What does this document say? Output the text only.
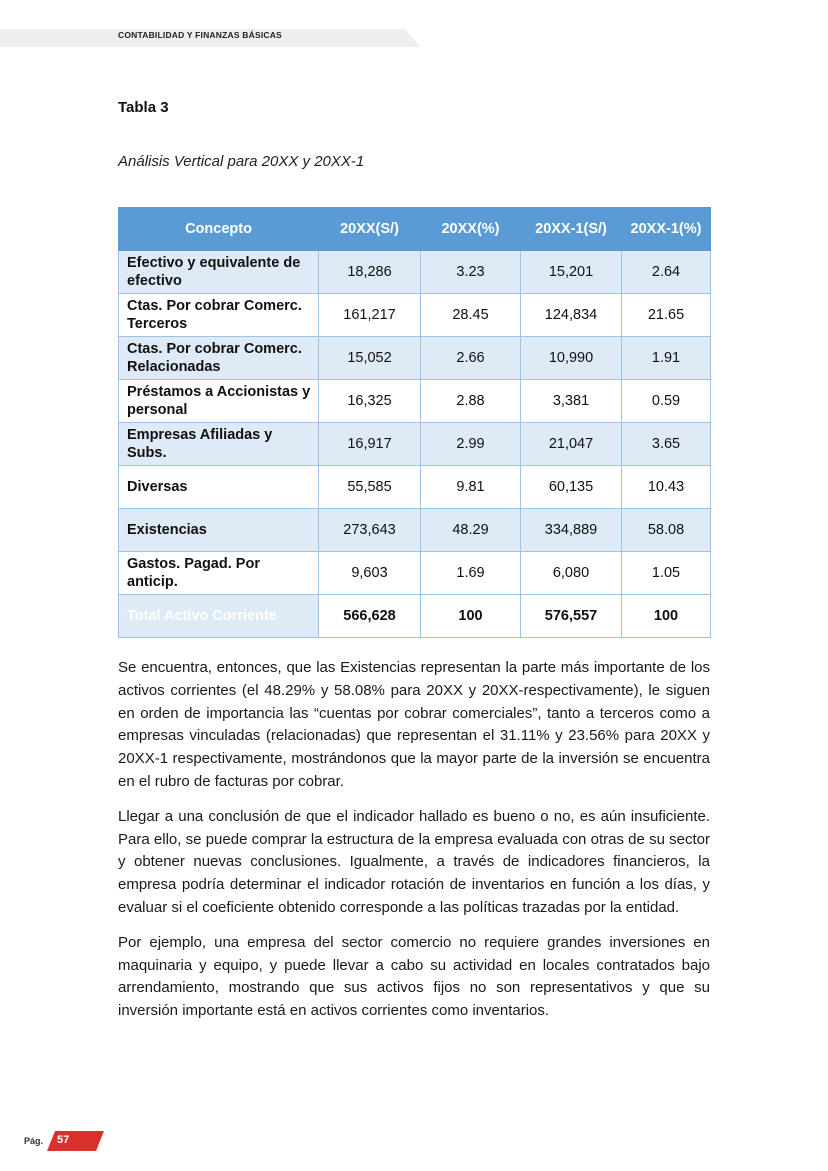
CONTABILIDAD Y FINANZAS BÁSICAS
Tabla 3
Análisis Vertical para 20XX y 20XX-1
Concepto	20XX(S/)	20XX(%)	20XX-1(S/)	20XX-1(%)
Efectivo y equivalente de efectivo	18,286	3.23	15,201	2.64
Ctas. Por cobrar Comerc. Terceros	161,217	28.45	124,834	21.65
Ctas. Por cobrar Comerc. Relacionadas	15,052	2.66	10,990	1.91
Préstamos a Accionistas y personal	16,325	2.88	3,381	0.59
Empresas Afiliadas y Subs.	16,917	2.99	21,047	3.65
Diversas	55,585	9.81	60,135	10.43
Existencias	273,643	48.29	334,889	58.08
Gastos. Pagad. Por anticip.	9,603	1.69	6,080	1.05
Total Activo Corriente	566,628	100	576,557	100

Se encuentra, entonces, que las Existencias representan la parte más importante de los activos corrientes (el 48.29% y 58.08% para 20XX y 20XX-respectivamente), le siguen en orden de importancia las “cuentas por cobrar comerciales”, tanto a terceros como a empresas vinculadas (relacionadas) que representan el 31.11% y 23.56% para 20XX y 20XX-1 respectivamente, mostrándonos que la mayor parte de la inversión se encuentra en el rubro de facturas por cobrar.

Llegar a una conclusión de que el indicador hallado es bueno o no, es aún insuficiente. Para ello, se puede comprar la estructura de la empresa evaluada con otras de su sector y obtener nuevas conclusiones. Igualmente, a través de indicadores financieros, la empresa podría determinar el indicador rotación de inventarios en función a los días, y evaluar si el coeficiente obtenido corresponde a las políticas trazadas por la entidad.

Por ejemplo, una empresa del sector comercio no requiere grandes inversiones en maquinaria y equipo, y puede llevar a cabo su actividad en locales contratados bajo arrendamiento, mostrando que sus activos fijos no son representativos y que su inversión importante está en activos corrientes como inventarios.

Pág. 57
